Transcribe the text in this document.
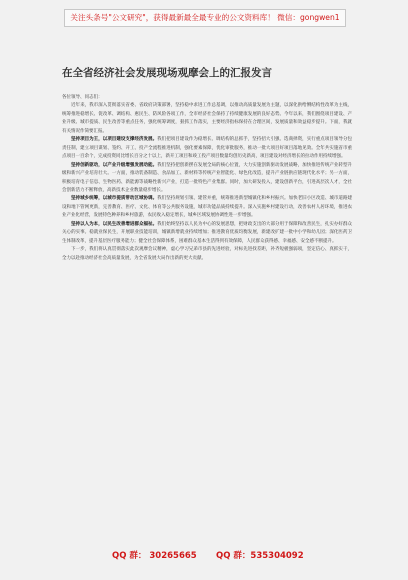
关注头条号"公文研究"，获得最新最全最专业的公文资料库！ 微信：gongwen1
在全省经济社会发展现场观摩会上的汇报发言

各位领导、同志们：

近年来，我市深入贯彻落实省委、省政府决策部署，坚持稳中求进工作总基调，以推动高质量发展为主题，以深化供给侧结构性改革为主线，统筹推进稳增长、促改革、调结构、惠民生、防风险各项工作，全市经济社会保持了持续健康发展的良好态势。今年以来，我们围绕项目建设、产业升级、城市提质、民生改善等重点任务，强化统筹调度，狠抓工作落实，主要经济指标保持在合理区间，发展质量和效益稳步提升。下面，我就有关情况作简要汇报。

坚持项目为王，以项目建设支撑经济发展。我们把项目建设作为稳增长、调结构的总抓手，坚持招大引强、选商择资，实行重点项目领导分包责任制，建立项目谋划、签约、开工、投产全流程推进机制，强化要素保障，优化审批服务，推动一批大项目好项目落地见效。全年共实施省市重点项目一百余个，完成投资同比增长百分之十以上，新开工项目和竣工投产项目数量均创历史新高，项目建设对经济增长的拉动作用持续增强。

坚持创新驱动，以产业升级增强发展动能。我们坚持把创新摆在发展全局的核心位置，大力实施创新驱动发展战略，加快推进传统产业转型升级和新兴产业培育壮大。一方面，推动装备制造、食品加工、新材料等传统产业智能化、绿色化改造，提升产业链供应链现代化水平；另一方面，积极培育电子信息、生物医药、新能源等战略性新兴产业，打造一批特色产业集群。同时，加大研发投入，建设创新平台，引进高层次人才，全社会创新活力不断释放，高新技术企业数量稳步增长。

坚持城乡统筹，以城市提质带动区域协调。我们坚持规划引领、建管并重，统筹推进新型城镇化和乡村振兴。加快老旧小区改造、城市道路建设和地下管网更新，完善教育、医疗、文化、体育等公共服务设施，城市功能品质持续提升。深入实施乡村建设行动，改善农村人居环境，推进农业产业化经营，发展特色种养和乡村旅游，农民收入稳定增长，城乡区域发展协调性进一步增强。

坚持以人为本，以民生改善增进群众福祉。我们始终坚持以人民为中心的发展思想，把财政支出的大部分用于保障和改善民生，扎实办好群众关心的实事。稳就业保民生，开展职业技能培训，城镇新增就业持续增加；推进教育优质均衡发展，新建改扩建一批中小学和幼儿园；深化医药卫生体制改革，提升基层医疗服务能力；健全社会保障体系，困难群众基本生活得到有效保障，人民群众获得感、幸福感、安全感不断提升。

下一步，我们将认真贯彻落实此次观摩会议精神，虚心学习兄弟市县的先进经验，对标先进找差距，补齐短板强弱项，坚定信心、真抓实干，全力以赴推动经济社会高质量发展，为全省发展大局作出新的更大贡献。

QQ 群： 30265665 QQ 群：535304092
